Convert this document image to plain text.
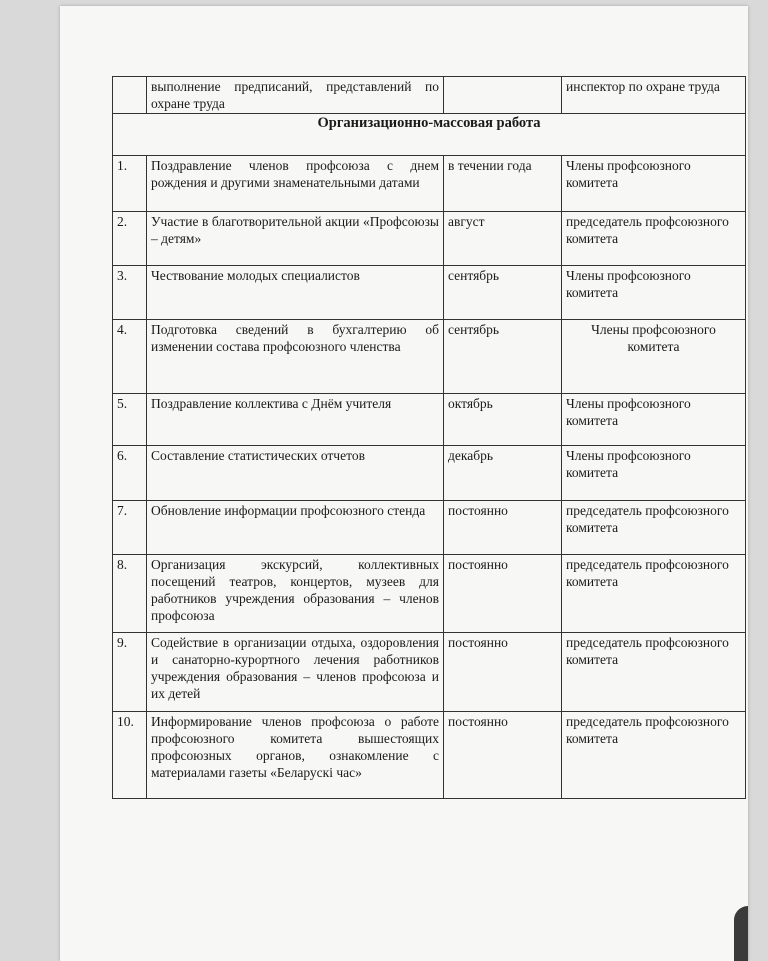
	выполнение предписаний, представлений по охране труда		инспектор по охране труда
Организационно-массовая работа			
1.	Поздравление членов профсоюза с днем рождения и другими знаменательными датами	в течении года	Члены профсоюзного комитета
2.	Участие в благотворительной акции «Профсоюзы – детям»	август	председатель профсоюзного комитета
3.	Чествование молодых специалистов	сентябрь	Члены профсоюзного комитета
4.	Подготовка сведений в бухгалтерию об изменении состава профсоюзного членства	сентябрь	Члены профсоюзного комитета
5.	Поздравление коллектива с Днём учителя	октябрь	Члены профсоюзного комитета
6.	Составление статистических отчетов	декабрь	Члены профсоюзного комитета
7.	Обновление информации профсоюзного стенда	постоянно	председатель профсоюзного комитета
8.	Организация экскурсий, коллективных посещений театров, концертов, музеев для работников учреждения образования – членов профсоюза	постоянно	председатель профсоюзного комитета
9.	Содействие в организации отдыха, оздоровления и санаторно-курортного лечения работников учреждения образования – членов профсоюза и их детей	постоянно	председатель профсоюзного комитета
10.	Информирование членов профсоюза о работе профсоюзного комитета вышестоящих профсоюзных органов, ознакомление с материалами газеты «Беларускі час»	постоянно	председатель профсоюзного комитета
